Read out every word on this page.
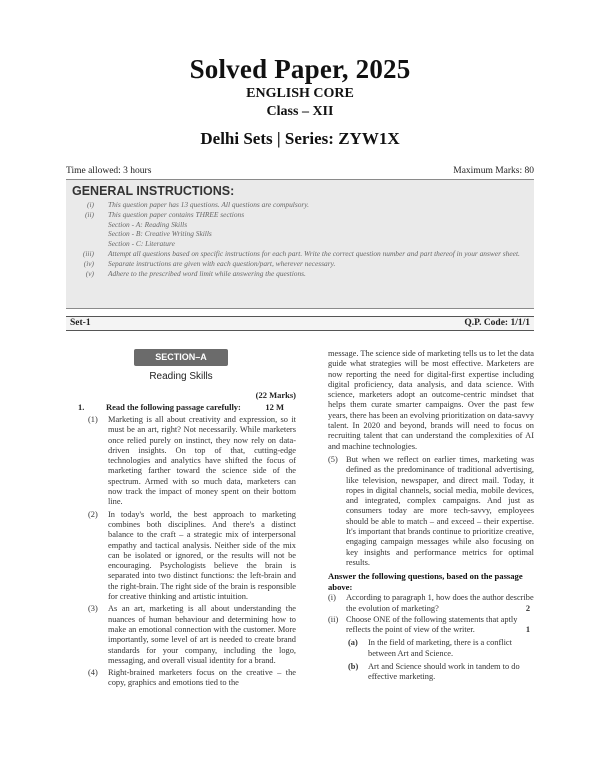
Solved Paper, 2025
ENGLISH CORE
Class – XII
Delhi Sets | Series: ZYW1X
Time allowed: 3 hours	Maximum Marks: 80
GENERAL INSTRUCTIONS:
(i) This question paper has 13 questions. All questions are compulsory.
(ii) This question paper contains THREE sections
Section - A: Reading Skills
Section - B: Creative Writing Skills
Section - C: Literature
(iii) Attempt all questions based on specific instructions for each part. Write the correct question number and part thereof in your answer sheet.
(iv) Separate instructions are given with each question/part, wherever necessary.
(v) Adhere to the prescribed word limit while answering the questions.
Set-1	Q.P. Code: 1/1/1
SECTION–A
Reading Skills
(22 Marks)
1.	Read the following passage carefully:	12 M
(1) Marketing is all about creativity and expression, so it must be an art, right? Not necessarily. While marketers once relied purely on instinct, they now rely on data-driven insights. On top of that, cutting-edge technologies and analytics have shifted the focus of marketing farther toward the science side of the spectrum. Armed with so much data, marketers can now track the impact of money spent on their bottom line.
(2) In today's world, the best approach to marketing combines both disciplines. And there's a distinct balance to the craft – a strategic mix of interpersonal empathy and tactical analysis. Neither side of the mix can be isolated or ignored, or the results will not be encouraging. Psychologists believe the brain is separated into two distinct functions: the left-brain and the right-brain. The right side of the brain is responsible for creative thinking and artistic intuition.
(3) As an art, marketing is all about understanding the nuances of human behaviour and determining how to make an emotional connection with the customer. More importantly, some level of art is needed to create brand standards for your company, including the logo, messaging, and overall visual identity for a brand.
(4) Right-brained marketers focus on the creative – the copy, graphics and emotions tied to the
message. The science side of marketing tells us to let the data guide what strategies will be most effective. Marketers are now reporting the need for digital-first expertise including digital proficiency, data analysis, and data science. With science, marketers adopt an outcome-centric mindset that helps them curate smarter campaigns. Over the past few years, there has been an evolving prioritization on data-savvy talent. In 2020 and beyond, brands will need to focus on recruiting talent that can understand the complexities of AI and machine technologies.
(5) But when we reflect on earlier times, marketing was defined as the predominance of traditional advertising, like television, newspaper, and direct mail. Today, it ropes in digital channels, social media, mobile devices, and integrated, complex campaigns. And just as consumers today are more tech-savvy, employees should be able to match – and exceed – their expertise. It's important that brands continue to prioritize creative, engaging campaign messages while also focusing on key insights and performance metrics for optimal results.
Answer the following questions, based on the passage above:
(i) According to paragraph 1, how does the author describe the evolution of marketing?	2
(ii) Choose ONE of the following statements that aptly reflects the point of view of the writer.	1
(a) In the field of marketing, there is a conflict between Art and Science.
(b) Art and Science should work in tandem to do effective marketing.
